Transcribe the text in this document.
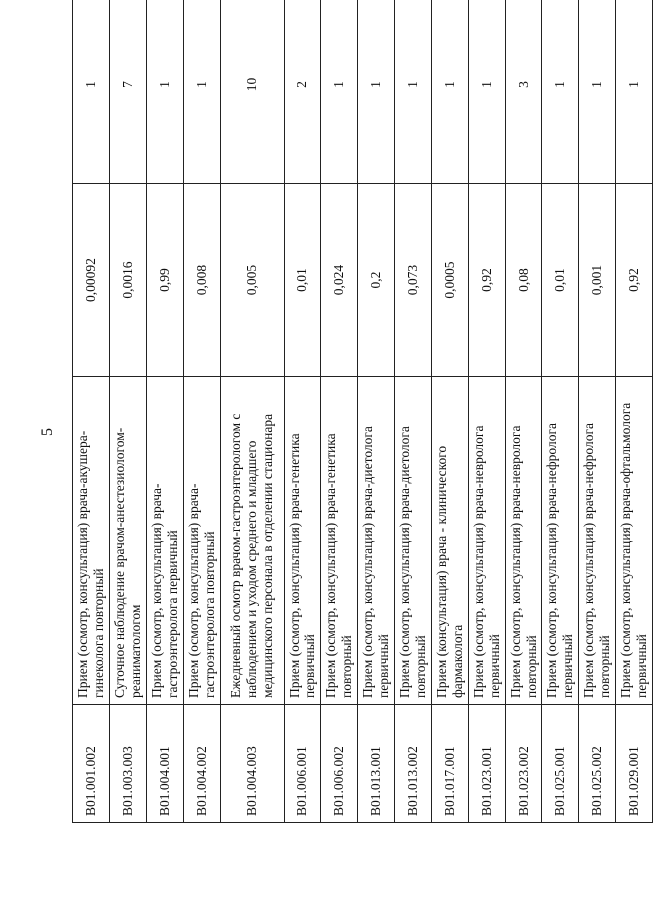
5
В01.001.002	Прием (осмотр, консультация) врача-акушера-гинеколога повторный	0,00092	1
В01.003.003	Суточное наблюдение врачом-анестезиологом-реаниматологом	0,0016	7
В01.004.001	Прием (осмотр, консультация) врача-гастроэнтеролога первичный	0,99	1
В01.004.002	Прием (осмотр, консультация) врача-гастроэнтеролога повторный	0,008	1
В01.004.003	Ежедневный осмотр врачом-гастроэнтерологом с наблюдением и уходом среднего и младшего медицинского персонала в отделении стационара	0,005	10
В01.006.001	Прием (осмотр, консультация) врача-генетика первичный	0,01	2
В01.006.002	Прием (осмотр, консультация) врача-генетика повторный	0,024	1
В01.013.001	Прием (осмотр, консультация) врача-диетолога первичный	0,2	1
В01.013.002	Прием (осмотр, консультация) врача-диетолога повторный	0,073	1
В01.017.001	Прием (консультация) врача - клинического фармаколога	0,0005	1
В01.023.001	Прием (осмотр, консультация) врача-невролога первичный	0,92	1
В01.023.002	Прием (осмотр, консультация) врача-невролога повторный	0,08	3
В01.025.001	Прием (осмотр, консультация) врача-нефролога первичный	0,01	1
В01.025.002	Прием (осмотр, консультация) врача-нефролога повторный	0,001	1
В01.029.001	Прием (осмотр, консультация) врача-офтальмолога первичный	0,92	1
